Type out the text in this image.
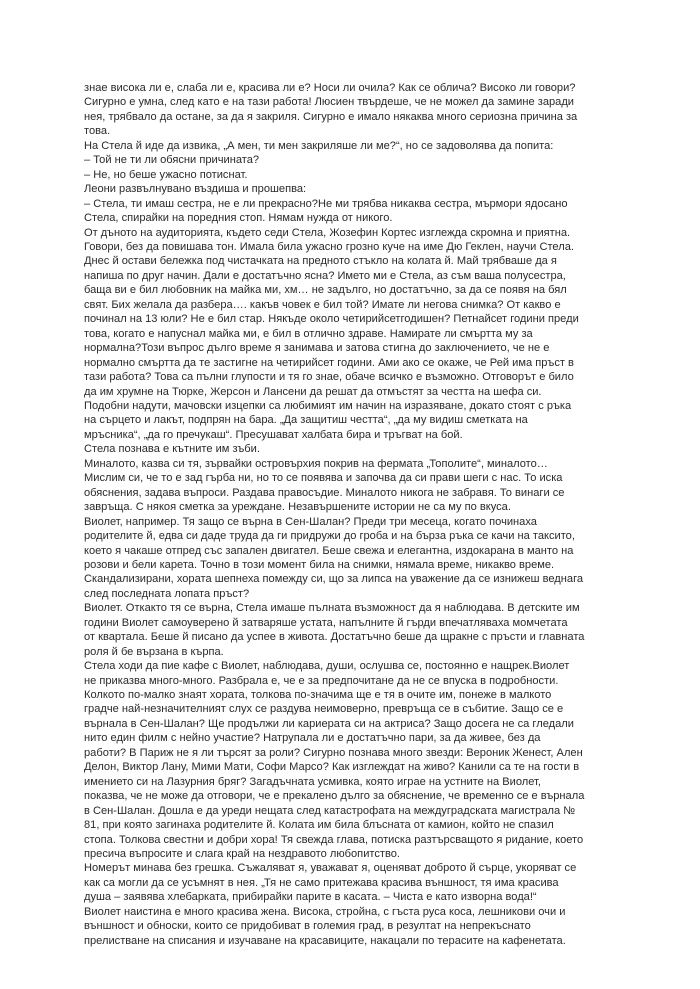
знае висока ли е, слаба ли е, красива ли е? Носи ли очила? Как се облича? Високо ли говори?
Сигурно е умна, след като е на тази работа! Люсиен твърдеше, че не можел да замине заради
нея, трябвало да остане, за да я закриля. Сигурно е имало някаква много сериозна причина за
това.
На Стела й иде да извика, „А мен, ти мен закриляше ли ме?“, но се задоволява да попита:
– Той не ти ли обясни причината?
– Не, но беше ужасно потиснат.
Леони развълнувано въздиша и прошепва:
– Стела, ти имаш сестра, не е ли прекрасно?Не ми трябва никаква сестра, мърмори ядосано
Стела, спирайки на поредния стоп. Нямам нужда от никого.
От дъното на аудиторията, където седи Стела, Жозефин Кортес изглежда скромна и приятна.
Говори, без да повишава тон. Имала била ужасно грозно куче на име Дю Геклен, научи Стела.
Днес й остави бележка под чистачката на предното стъкло на колата й. Май трябваше да я
напиша по друг начин. Дали е достатъчно ясна? Името ми е Стела, аз съм ваша полусестра,
баща ви е бил любовник на майка ми, хм… не задълго, но достатъчно, за да се появя на бял
свят. Бих желала да разбера…. какъв човек е бил той? Имате ли негова снимка? От какво е
починал на 13 юли? Не е бил стар. Някъде около четирийсетгодишен? Петнайсет години преди
това, когато е напуснал майка ми, е бил в отлично здраве. Намирате ли смъртта му за
нормална?Този въпрос дълго време я занимава и затова стигна до заключението, че не е
нормално смъртта да те застигне на четирийсет години. Ами ако се окаже, че Рей има пръст в
тази работа? Това са пълни глупости и тя го знае, обаче всичко е възможно. Отговорът е било
да им хрумне на Тюрке, Жерсон и Лансени да решат да отмъстят за честта на шефа си.
Подобни надути, мачовски изцепки са любимият им начин на изразяване, докато стоят с ръка
на сърцето и лакът, подпрян на бара. „Да защитиш честта“, „да му видиш сметката на
мръсника“, „да го пречукаш“. Пресушават халбата бира и тръгват на бой.
Стела познава е кътните им зъби.
Миналото, казва си тя, зървайки островърхия покрив на фермата „Тополите“, миналото…
Мислим си, че то е зад гърба ни, но то се появява и започва да си прави шеги с нас. То иска
обяснения, задава въпроси. Раздава правосъдие. Миналото никога не забравя. То винаги се
завръща. С някоя сметка за уреждане. Незавършените истории не са му по вкуса.
Виолет, например. Тя защо се върна в Сен-Шалан? Преди три месеца, когато починаха
родителите й, едва си даде труда да ги придружи до гроба и на бърза ръка се качи на таксито,
което я чакаше отпред със запален двигател. Беше свежа и елегантна, издокарана в манто на
розови и бели карета. Точно в този момент била на снимки, нямала време, никакво време.
Скандализирани, хората шепнеха помежду си, що за липса на уважение да се изнижеш веднага
след последната лопата пръст?
Виолет. Откакто тя се върна, Стела имаше пълната възможност да я наблюдава. В детските им
години Виолет самоуверено й затваряше устата, напълните й гърди впечатляваха момчетата
от квартала. Беше й писано да успее в живота. Достатъчно беше да щракне с пръсти и главната
роля й бе вързана в кърпа.
Стела ходи да пие кафе с Виолет, наблюдава, души, ослушва се, постоянно е нащрек.Виолет
не приказва много-много. Разбрала е, че е за предпочитане да не се впуска в подробности.
Колкото по-малко знаят хората, толкова по-значима ще е тя в очите им, понеже в малкото
градче най-незначителният слух се раздува неимоверно, превръща се в събитие. Защо се е
върнала в Сен-Шалан? Ще продължи ли кариерата си на актриса? Защо досега не са гледали
нито един филм с нейно участие? Натрупала ли е достатъчно пари, за да живее, без да
работи? В Париж не я ли търсят за роли? Сигурно познава много звезди: Вероник Женест, Ален
Делон, Виктор Лану, Мими Мати, Софи Марсо? Как изглеждат на живо? Канили са те на гости в
имението си на Лазурния бряг? Загадъчната усмивка, която играе на устните на Виолет,
показва, че не може да отговори, че е прекалено дълго за обяснение, че временно се е върнала
в Сен-Шалан. Дошла е да уреди нещата след катастрофата на междуградската магистрала №
81, при която загинаха родителите й. Колата им била блъсната от камион, който не спазил
стопа. Толкова свестни и добри хора! Тя свежда глава, потиска разтърсващото я ридание, което
пресича въпросите и слага край на нездравото любопитство.
Номерът минава без грешка. Съжаляват я, уважават я, оценяват доброто й сърце, укоряват се
как са могли да се усъмнят в нея. „Тя не само притежава красива външност, тя има красива
душа – заявява хлебарката, прибирайки парите в касата. – Чиста е като изворна вода!“
Виолет наистина е много красива жена. Висока, стройна, с гъста руса коса, лешникови очи и
външност и обноски, които се придобиват в големия град, в резултат на непрекъснато
прелистване на списания и изучаване на красавиците, накацали по терасите на кафенетата.
